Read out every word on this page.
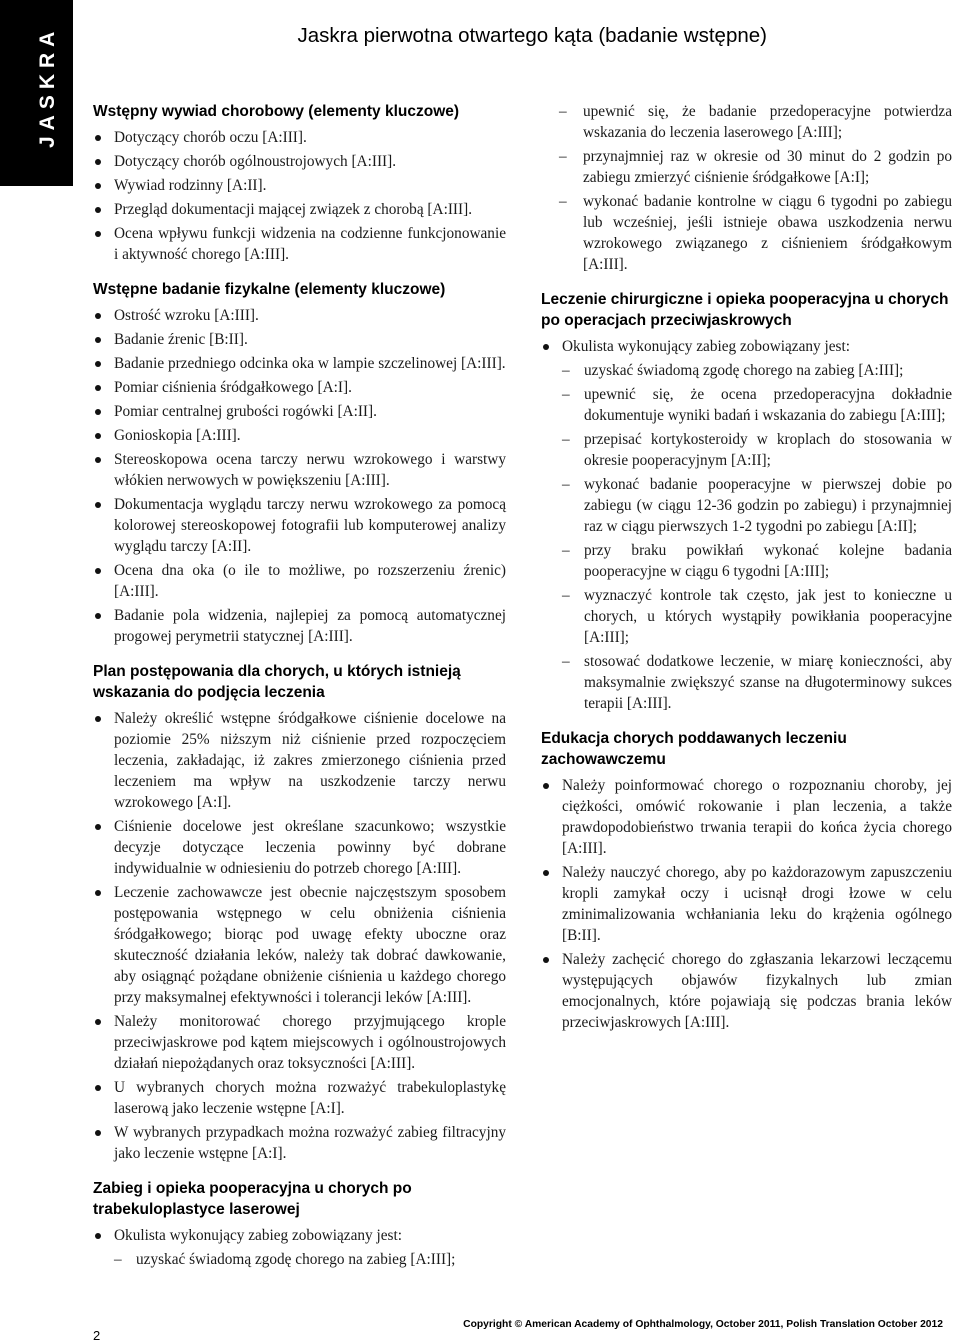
JASKRA	Jaskra pierwotna otwartego kąta (badanie wstępne)
Wstępny wywiad chorobowy (elementy kluczowe)
Dotyczący chorób oczu [A:III].
Dotyczący chorób ogólnoustrojowych [A:III].
Wywiad rodzinny [A:II].
Przegląd dokumentacji mającej związek z chorobą [A:III].
Ocena wpływu funkcji widzenia na codzienne funkcjonowanie i aktywność chorego [A:III].
Wstępne badanie fizykalne (elementy kluczowe)
Ostrość wzroku [A:III].
Badanie źrenic [B:II].
Badanie przedniego odcinka oka w lampie szczelinowej [A:III].
Pomiar ciśnienia śródgałkowego [A:I].
Pomiar centralnej grubości rogówki [A:II].
Gonioskopia [A:III].
Stereoskopowa ocena tarczy nerwu wzrokowego i warstwy włókien nerwowych w powiększeniu [A:III].
Dokumentacja wyglądu tarczy nerwu wzrokowego za pomocą kolorowej stereoskopowej fotografii lub komputerowej analizy wyglądu tarczy [A:II].
Ocena dna oka (o ile to możliwe, po rozszerzeniu źrenic) [A:III].
Badanie pola widzenia, najlepiej za pomocą automatycznej progowej perymetrii statycznej [A:III].
Plan postępowania dla chorych, u których istnieją wskazania do podjęcia leczenia
Należy określić wstępne śródgałkowe ciśnienie docelowe na poziomie 25% niższym niż ciśnienie przed rozpoczęciem leczenia, zakładając, iż zakres zmierzonego ciśnienia przed leczeniem ma wpływ na uszkodzenie tarczy nerwu wzrokowego [A:I].
Ciśnienie docelowe jest określane szacunkowo; wszystkie decyzje dotyczące leczenia powinny być dobrane indywidualnie w odniesieniu do potrzeb chorego [A:III].
Leczenie zachowawcze jest obecnie najczęstszym sposobem postępowania wstępnego w celu obniżenia ciśnienia śródgałkowego; biorąc pod uwagę efekty uboczne oraz skuteczność działania leków, należy tak dobrać dawkowanie, aby osiągnąć pożądane obniżenie ciśnienia u każdego chorego przy maksymalnej efektywności i tolerancji leków [A:III].
Należy monitorować chorego przyjmującego krople przeciwjaskrowe pod kątem miejscowych i ogólnoustrojowych działań niepożądanych oraz toksyczności [A:III].
U wybranych chorych można rozważyć trabekuloplastykę laserową jako leczenie wstępne [A:I].
W wybranych przypadkach można rozważyć zabieg filtracyjny jako leczenie wstępne [A:I].
Zabieg i opieka pooperacyjna u chorych po trabekuloplastyce laserowej
Okulista wykonujący zabieg zobowiązany jest:
– uzyskać świadomą zgodę chorego na zabieg [A:III];
– upewnić się, że badanie przedoperacyjne potwierdza wskazania do leczenia laserowego [A:III];
– przynajmniej raz w okresie od 30 minut do 2 godzin po zabiegu zmierzyć ciśnienie śródgałkowe [A:I];
– wykonać badanie kontrolne w ciągu 6 tygodni po zabiegu lub wcześniej, jeśli istnieje obawa uszkodzenia nerwu wzrokowego związanego z ciśnieniem śródgałkowym [A:III].
Leczenie chirurgiczne i opieka pooperacyjna u chorych po operacjach przeciwjaskrowych
Okulista wykonujący zabieg zobowiązany jest:
– uzyskać świadomą zgodę chorego na zabieg [A:III];
– upewnić się, że ocena przedoperacyjna dokładnie dokumentuje wyniki badań i wskazania do zabiegu [A:III];
– przepisać kortykosteroidy w kroplach do stosowania w okresie pooperacyjnym [A:II];
– wykonać badanie pooperacyjne w pierwszej dobie po zabiegu (w ciągu 12-36 godzin po zabiegu) i przynajmniej raz w ciągu pierwszych 1-2 tygodni po zabiegu [A:II];
– przy braku powikłań wykonać kolejne badania pooperacyjne w ciągu 6 tygodni [A:III];
– wyznaczyć kontrole tak często, jak jest to konieczne u chorych, u których wystąpiły powikłania pooperacyjne [A:III];
– stosować dodatkowe leczenie, w miarę konieczności, aby maksymalnie zwiększyć szanse na długoterminowy sukces terapii [A:III].
Edukacja chorych poddawanych leczeniu zachowawczemu
Należy poinformować chorego o rozpoznaniu choroby, jej ciężkości, omówić rokowanie i plan leczenia, a także prawdopodobieństwo trwania terapii do końca życia chorego [A:III].
Należy nauczyć chorego, aby po każdorazowym zapuszczeniu kropli zamykał oczy i ucisnął drogi łzowe w celu zminimalizowania wchłaniania leku do krążenia ogólnego [B:II].
Należy zachęcić chorego do zgłaszania lekarzowi leczącemu występujących objawów fizykalnych lub zmian emocjonalnych, które pojawiają się podczas brania leków przeciwjaskrowych [A:III].
2
Copyright © American Academy of Ophthalmology, October 2011, Polish Translation October 2012
